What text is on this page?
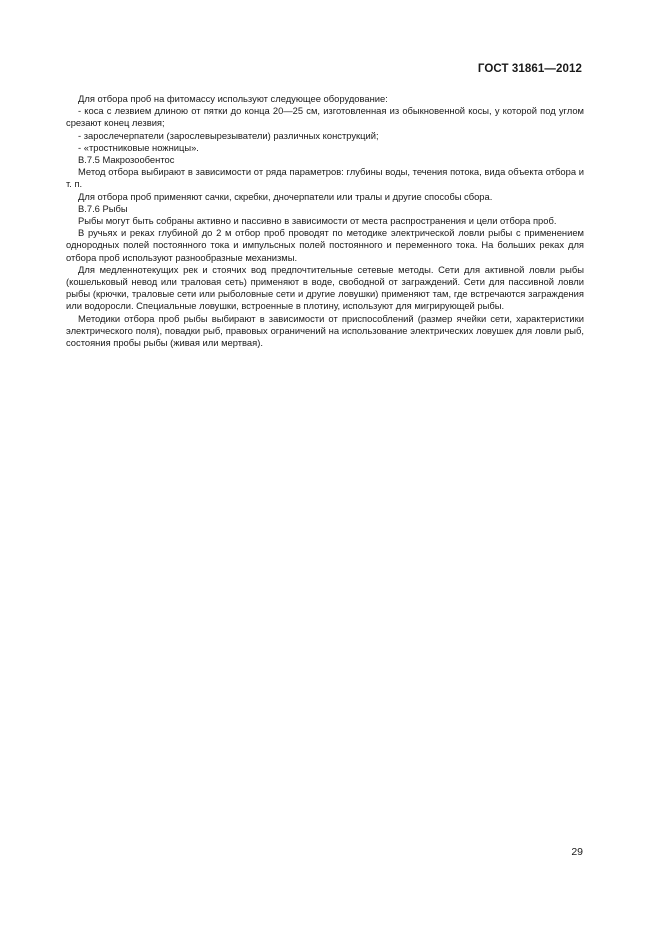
ГОСТ 31861—2012

Для отбора проб на фитомассу используют следующее оборудование:

- коса с лезвием длиною от пятки до конца 20—25 см, изготовленная из обыкновенной косы, у которой под углом срезают конец лезвия;

- зарослечерпатели (зарослевырезыватели) различных конструкций;

- «тростниковые ножницы».

В.7.5 Макрозообентос

Метод отбора выбирают в зависимости от ряда параметров: глубины воды, течения потока, вида объекта отбора и т. п.

Для отбора проб применяют сачки, скребки, дночерпатели или тралы и другие способы сбора.

В.7.6 Рыбы

Рыбы могут быть собраны активно и пассивно в зависимости от места распространения и цели отбора проб.

В ручьях и реках глубиной до 2 м отбор проб проводят по методике электрической ловли рыбы с применением однородных полей постоянного тока и импульсных полей постоянного и переменного тока. На больших реках для отбора проб используют разнообразные механизмы.

Для медленнотекущих рек и стоячих вод предпочтительные сетевые методы. Сети для активной ловли рыбы (кошельковый невод или траловая сеть) применяют в воде, свободной от заграждений. Сети для пассивной ловли рыбы (крючки, траловые сети или рыболовные сети и другие ловушки) применяют там, где встречаются заграждения или водоросли. Специальные ловушки, встроенные в плотину, используют для мигрирующей рыбы.

Методики отбора проб рыбы выбирают в зависимости от приспособлений (размер ячейки сети, характеристики электрического поля), повадки рыб, правовых ограничений на использование электрических ловушек для ловли рыб, состояния пробы рыбы (живая или мертвая).

29
